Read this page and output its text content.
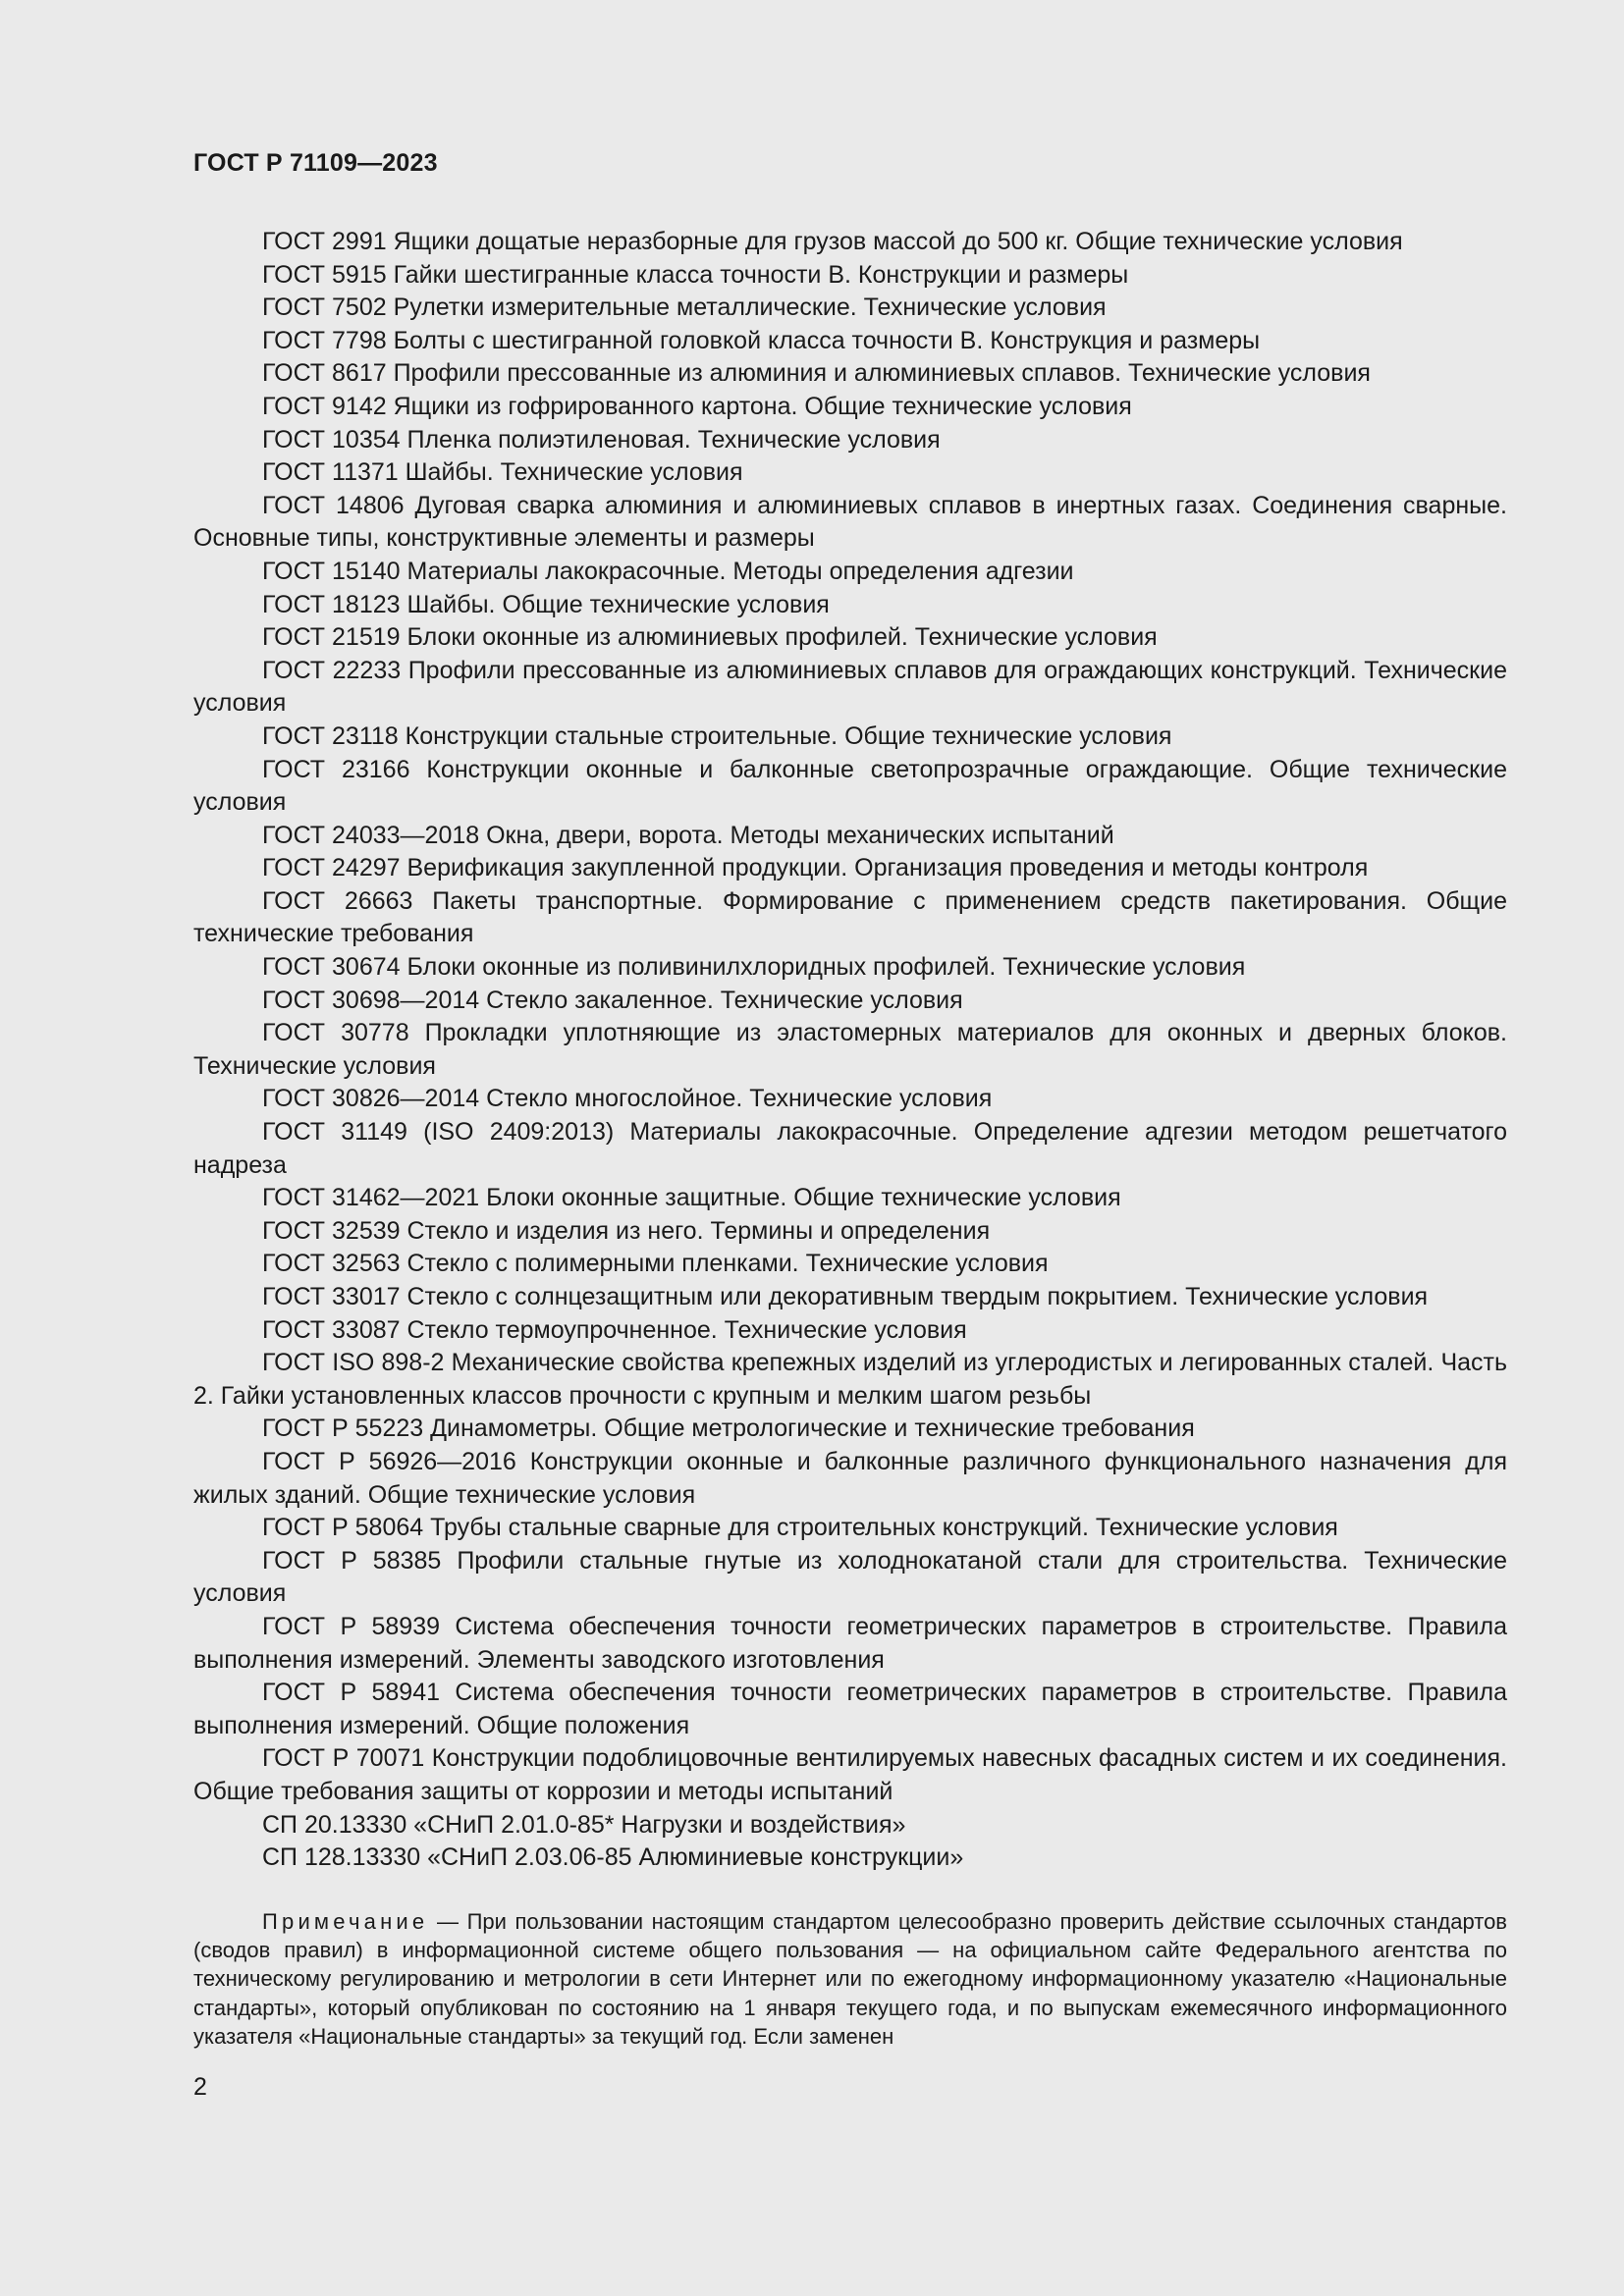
ГОСТ Р 71109—2023

ГОСТ 2991 Ящики дощатые неразборные для грузов массой до 500 кг. Общие технические условия

ГОСТ 5915 Гайки шестигранные класса точности В. Конструкции и размеры

ГОСТ 7502 Рулетки измерительные металлические. Технические условия

ГОСТ 7798 Болты с шестигранной головкой класса точности В. Конструкция и размеры

ГОСТ 8617 Профили прессованные из алюминия и алюминиевых сплавов. Технические условия

ГОСТ 9142 Ящики из гофрированного картона. Общие технические условия

ГОСТ 10354 Пленка полиэтиленовая. Технические условия

ГОСТ 11371 Шайбы. Технические условия

ГОСТ 14806 Дуговая сварка алюминия и алюминиевых сплавов в инертных газах. Соединения сварные. Основные типы, конструктивные элементы и размеры

ГОСТ 15140 Материалы лакокрасочные. Методы определения адгезии

ГОСТ 18123 Шайбы. Общие технические условия

ГОСТ 21519 Блоки оконные из алюминиевых профилей. Технические условия

ГОСТ 22233 Профили прессованные из алюминиевых сплавов для ограждающих конструкций. Технические условия

ГОСТ 23118 Конструкции стальные строительные. Общие технические условия

ГОСТ 23166 Конструкции оконные и балконные светопрозрачные ограждающие. Общие технические условия

ГОСТ 24033—2018 Окна, двери, ворота. Методы механических испытаний

ГОСТ 24297 Верификация закупленной продукции. Организация проведения и методы контроля

ГОСТ 26663 Пакеты транспортные. Формирование с применением средств пакетирования. Общие технические требования

ГОСТ 30674 Блоки оконные из поливинилхлоридных профилей. Технические условия

ГОСТ 30698—2014 Стекло закаленное. Технические условия

ГОСТ 30778 Прокладки уплотняющие из эластомерных материалов для оконных и дверных блоков. Технические условия

ГОСТ 30826—2014 Стекло многослойное. Технические условия

ГОСТ 31149 (ISO 2409:2013) Материалы лакокрасочные. Определение адгезии методом решетчатого надреза

ГОСТ 31462—2021 Блоки оконные защитные. Общие технические условия

ГОСТ 32539 Стекло и изделия из него. Термины и определения

ГОСТ 32563 Стекло с полимерными пленками. Технические условия

ГОСТ 33017 Стекло с солнцезащитным или декоративным твердым покрытием. Технические условия

ГОСТ 33087 Стекло термоупрочненное. Технические условия

ГОСТ ISO 898-2 Механические свойства крепежных изделий из углеродистых и легированных сталей. Часть 2. Гайки установленных классов прочности с крупным и мелким шагом резьбы

ГОСТ Р 55223 Динамометры. Общие метрологические и технические требования

ГОСТ Р 56926—2016 Конструкции оконные и балконные различного функционального назначения для жилых зданий. Общие технические условия

ГОСТ Р 58064 Трубы стальные сварные для строительных конструкций. Технические условия

ГОСТ Р 58385 Профили стальные гнутые из холоднокатаной стали для строительства. Технические условия

ГОСТ Р 58939 Система обеспечения точности геометрических параметров в строительстве. Правила выполнения измерений. Элементы заводского изготовления

ГОСТ Р 58941 Система обеспечения точности геометрических параметров в строительстве. Правила выполнения измерений. Общие положения

ГОСТ Р 70071 Конструкции подоблицовочные вентилируемых навесных фасадных систем и их соединения. Общие требования защиты от коррозии и методы испытаний

СП 20.13330 «СНиП 2.01.0-85* Нагрузки и воздействия»

СП 128.13330 «СНиП 2.03.06-85 Алюминиевые конструкции»

Примечание — При пользовании настоящим стандартом целесообразно проверить действие ссылочных стандартов (сводов правил) в информационной системе общего пользования — на официальном сайте Федерального агентства по техническому регулированию и метрологии в сети Интернет или по ежегодному информационному указателю «Национальные стандарты», который опубликован по состоянию на 1 января текущего года, и по выпускам ежемесячного информационного указателя «Национальные стандарты» за текущий год. Если заменен

2
